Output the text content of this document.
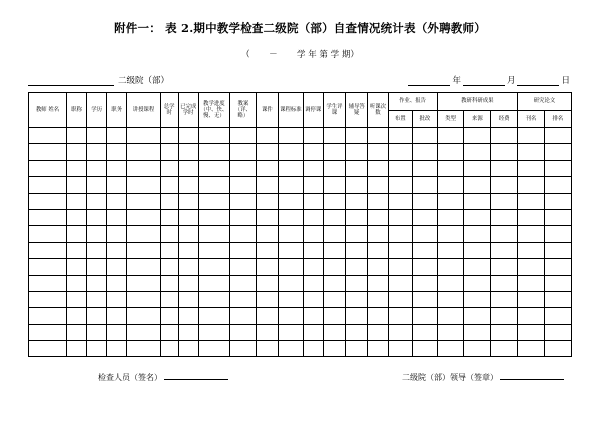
附件一： 表 2.期中教学检查二级院（部）自查情况统计表（外聘教师）
（ － 学 年 第 学 期）
二级院（部）	年	月	日
教师 姓名	职称	学历	职务	讲授课程	总学时	已完成学时	教学进度（中、快、慢、无）	教案（详、略）	课件	课程标准	调停课	学生评课	辅导答疑	听课次数	作业、报告		教研科研成果			研究论文	
															布置	批改	类型	来源	经费	刊名	排名

检查人员（签名）	二级院（部）领导（签章）
